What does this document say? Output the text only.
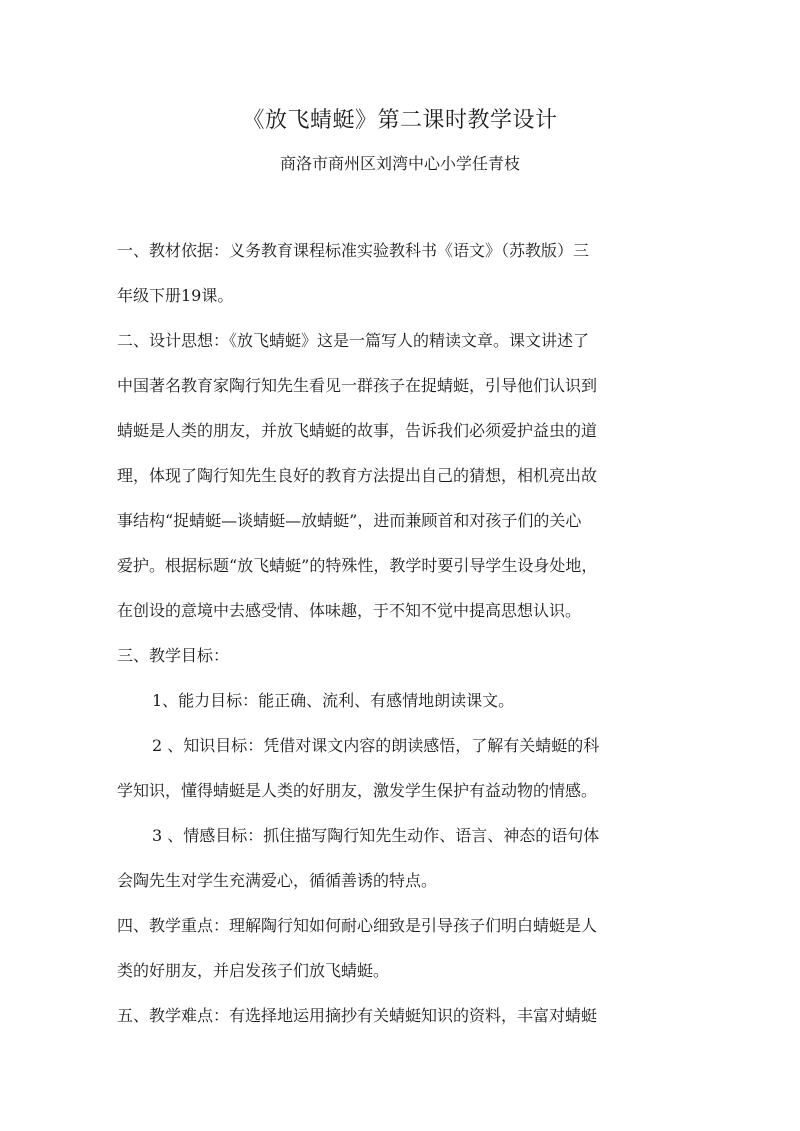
《放飞蜻蜓》第二课时教学设计
商洛市商州区刘湾中心小学任青枝
一、教材依据：义务教育课程标准实验教科书《语文》（苏教版）三
年级下册19课。
二、设计思想：《放飞蜻蜓》这是一篇写人的精读文章。课文讲述了
中国著名教育家陶行知先生看见一群孩子在捉蜻蜓，引导他们认识到
蜻蜓是人类的朋友，并放飞蜻蜓的故事，告诉我们必须爱护益虫的道
理，体现了陶行知先生良好的教育方法提出自己的猜想，相机亮出故
事结构“捉蜻蜓—谈蜻蜓—放蜻蜓”，进而兼顾首和对孩子们的关心
爱护。根据标题“放飞蜻蜓”的特殊性，教学时要引导学生设身处地，
在创设的意境中去感受情、体味趣，于不知不觉中提高思想认识。
三、教学目标：
1、能力目标：能正确、流利、有感情地朗读课文。
2 、知识目标：凭借对课文内容的朗读感悟，了解有关蜻蜓的科
学知识，懂得蜻蜓是人类的好朋友，激发学生保护有益动物的情感。
3 、情感目标：抓住描写陶行知先生动作、语言、神态的语句体
会陶先生对学生充满爱心，循循善诱的特点。
四、教学重点：理解陶行知如何耐心细致是引导孩子们明白蜻蜓是人
类的好朋友，并启发孩子们放飞蜻蜓。
五、教学难点：有选择地运用摘抄有关蜻蜓知识的资料，丰富对蜻蜓
